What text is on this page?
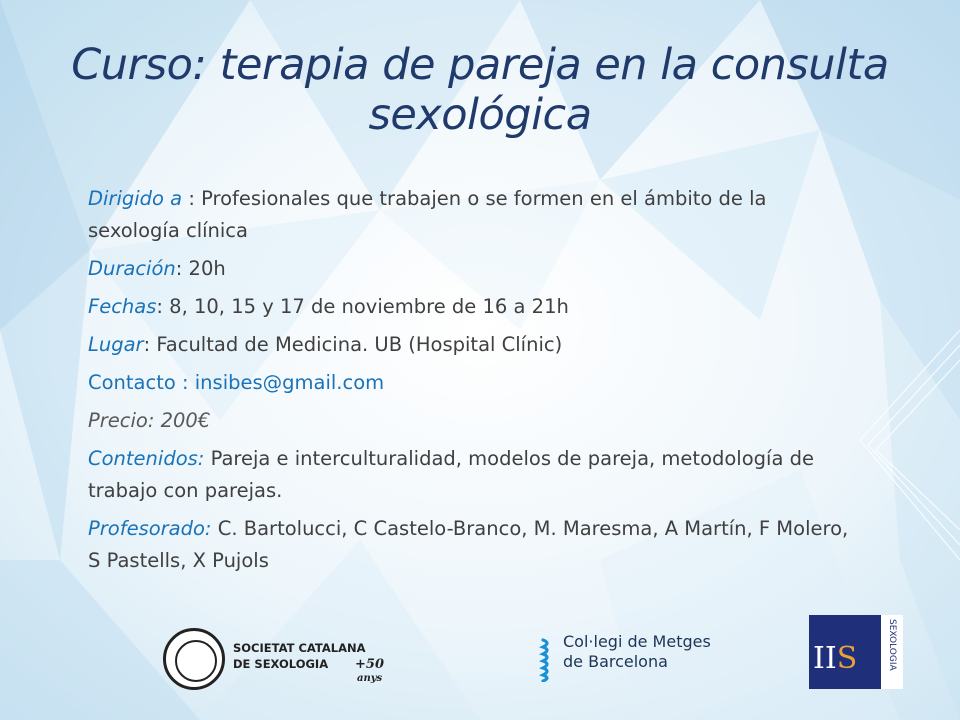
Curso: terapia de pareja en la consulta sexológica

Dirigido a : Profesionales que trabajen o se formen en el ámbito de la sexología clínica

Duración: 20h

Fechas: 8, 10, 15 y 17 de noviembre de 16 a 21h

Lugar: Facultad de Medicina. UB (Hospital Clínic)

Contacto : insibes@gmail.com

Precio: 200€

Contenidos: Pareja e interculturalidad, modelos de pareja, metodología de trabajo con parejas.

Profesorado: C. Bartolucci, C Castelo-Branco, M. Maresma, A Martín, F Molero, S Pastells, X Pujols

SOCIETAT CATALANA
DE SEXOLOGIA	+50
anys
Col·legi de Metges
de Barcelona	IIS	SEXOLOGIA
